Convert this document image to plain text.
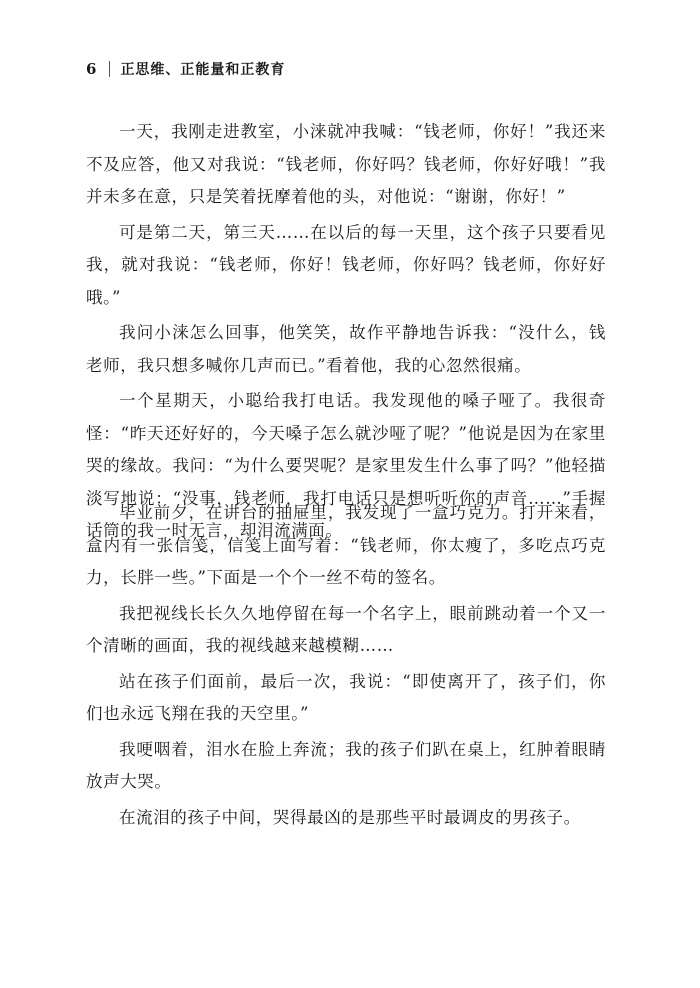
6 正思维、正能量和正教育

一天，我刚走进教室，小涞就冲我喊：“钱老师，你好！”我还来不及应答，他又对我说：“钱老师，你好吗？钱老师，你好好哦！”我并未多在意，只是笑着抚摩着他的头，对他说：“谢谢，你好！”

可是第二天，第三天……在以后的每一天里，这个孩子只要看见我，就对我说：“钱老师，你好！钱老师，你好吗？钱老师，你好好哦。”

我问小涞怎么回事，他笑笑，故作平静地告诉我：“没什么，钱老师，我只想多喊你几声而已。”看着他，我的心忽然很痛。

一个星期天，小聪给我打电话。我发现他的嗓子哑了。我很奇怪：“昨天还好好的，今天嗓子怎么就沙哑了呢？”他说是因为在家里哭的缘故。我问：“为什么要哭呢？是家里发生什么事了吗？”他轻描淡写地说：“没事，钱老师，我打电话只是想听听你的声音……”手握话筒的我一时无言，却泪流满面。

毕业前夕，在讲台的抽屉里，我发现了一盒巧克力。打开来看，盒内有一张信笺，信笺上面写着：“钱老师，你太瘦了，多吃点巧克力，长胖一些。”下面是一个个一丝不苟的签名。

我把视线长长久久地停留在每一个名字上，眼前跳动着一个又一个清晰的画面，我的视线越来越模糊……

站在孩子们面前，最后一次，我说：“即使离开了，孩子们，你们也永远飞翔在我的天空里。”

我哽咽着，泪水在脸上奔流；我的孩子们趴在桌上，红肿着眼睛放声大哭。

在流泪的孩子中间，哭得最凶的是那些平时最调皮的男孩子。
